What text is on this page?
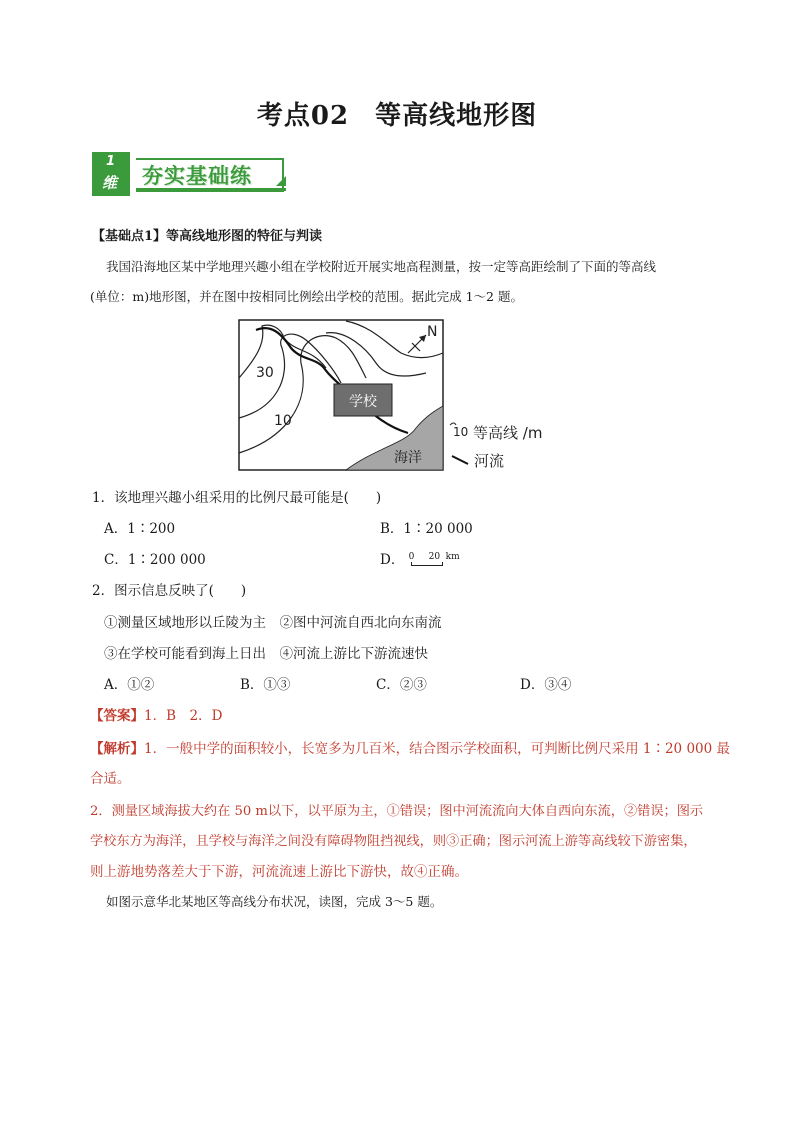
考点02 等高线地形图
1
维 夯实基础练
【基础点1】等高线地形图的特征与判读
我国沿海地区某中学地理兴趣小组在学校附近开展实地高程测量，按一定等高距绘制了下面的等高线
(单位：m)地形图，并在图中按相同比例绘出学校的范围。据此完成 1～2 题。
学校
30
10
海洋
N
10 等高线 /m
河流
1．该地理兴趣小组采用的比例尺最可能是(　　)
A．1∶200	B．1∶20 000
C．1∶200 000	D． 0 20 km
2．图示信息反映了(　　)
①测量区域地形以丘陵为主　②图中河流自西北向东南流
③在学校可能看到海上日出　④河流上游比下游流速快
A．①②	B．①③	C．②③	D．③④
【答案】1．B　2．D
【解析】1．一般中学的面积较小，长宽多为几百米，结合图示学校面积，可判断比例尺采用 1∶20 000 最
合适。
2．测量区域海拔大约在 50 m以下，以平原为主，①错误；图中河流流向大体自西向东流，②错误；图示
学校东方为海洋，且学校与海洋之间没有障碍物阻挡视线，则③正确；图示河流上游等高线较下游密集，
则上游地势落差大于下游，河流流速上游比下游快，故④正确。
如图示意华北某地区等高线分布状况，读图，完成 3～5 题。
